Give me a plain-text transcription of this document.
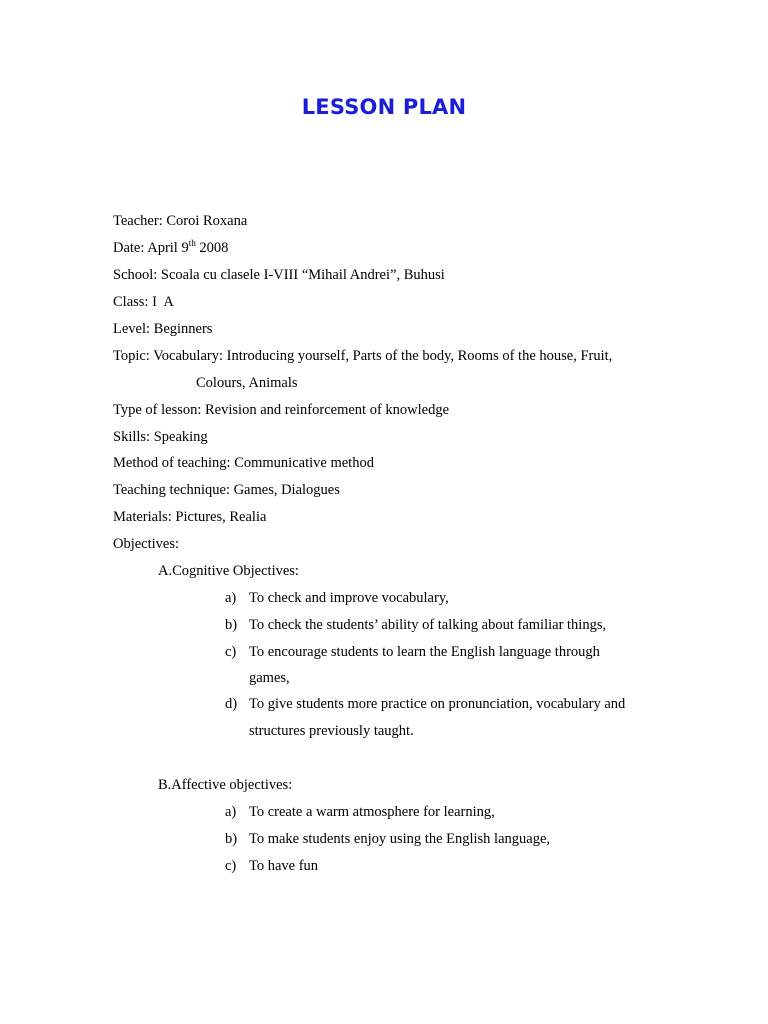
LESSON PLAN
Teacher: Coroi Roxana
Date: April 9th 2008
School: Scoala cu clasele I-VIII “Mihail Andrei”, Buhusi
Class: I  A
Level: Beginners
Topic: Vocabulary: Introducing yourself, Parts of the body, Rooms of the house, Fruit,
Colours, Animals
Type of lesson: Revision and reinforcement of knowledge
Skills: Speaking
Method of teaching: Communicative method
Teaching technique: Games, Dialogues
Materials: Pictures, Realia
Objectives:
A.Cognitive Objectives:
a) To check and improve vocabulary,
b) To check the students’ ability of talking about familiar things,
c) To encourage students to learn the English language through
games,
d) To give students more practice on pronunciation, vocabulary and
structures previously taught.
B.Affective objectives:
a) To create a warm atmosphere for learning,
b) To make students enjoy using the English language,
c) To have fun
